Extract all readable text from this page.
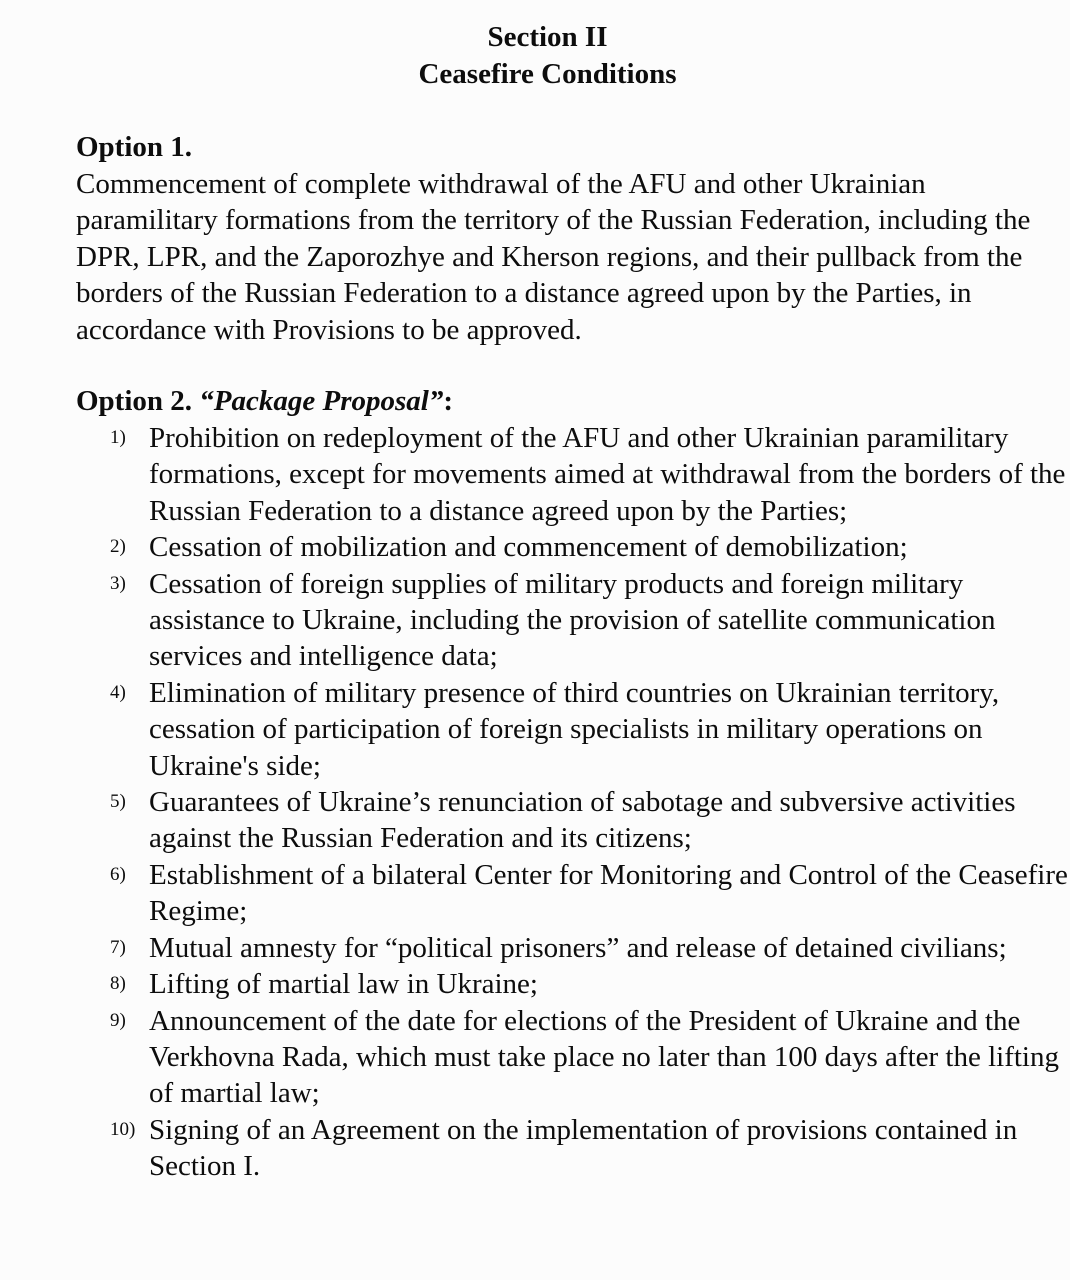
Section II
Ceasefire Conditions
Option 1.
Commencement of complete withdrawal of the AFU and other Ukrainian paramilitary formations from the territory of the Russian Federation, including the DPR, LPR, and the Zaporozhye and Kherson regions, and their pullback from the borders of the Russian Federation to a distance agreed upon by the Parties, in accordance with Provisions to be approved.
Option 2. “Package Proposal”:
1) Prohibition on redeployment of the AFU and other Ukrainian paramilitary formations, except for movements aimed at withdrawal from the borders of the Russian Federation to a distance agreed upon by the Parties;
2) Cessation of mobilization and commencement of demobilization;
3) Cessation of foreign supplies of military products and foreign military assistance to Ukraine, including the provision of satellite communication services and intelligence data;
4) Elimination of military presence of third countries on Ukrainian territory, cessation of participation of foreign specialists in military operations on Ukraine's side;
5) Guarantees of Ukraine’s renunciation of sabotage and subversive activities against the Russian Federation and its citizens;
6) Establishment of a bilateral Center for Monitoring and Control of the Ceasefire Regime;
7) Mutual amnesty for “political prisoners” and release of detained civilians;
8) Lifting of martial law in Ukraine;
9) Announcement of the date for elections of the President of Ukraine and the Verkhovna Rada, which must take place no later than 100 days after the lifting of martial law;
10) Signing of an Agreement on the implementation of provisions contained in Section I.
